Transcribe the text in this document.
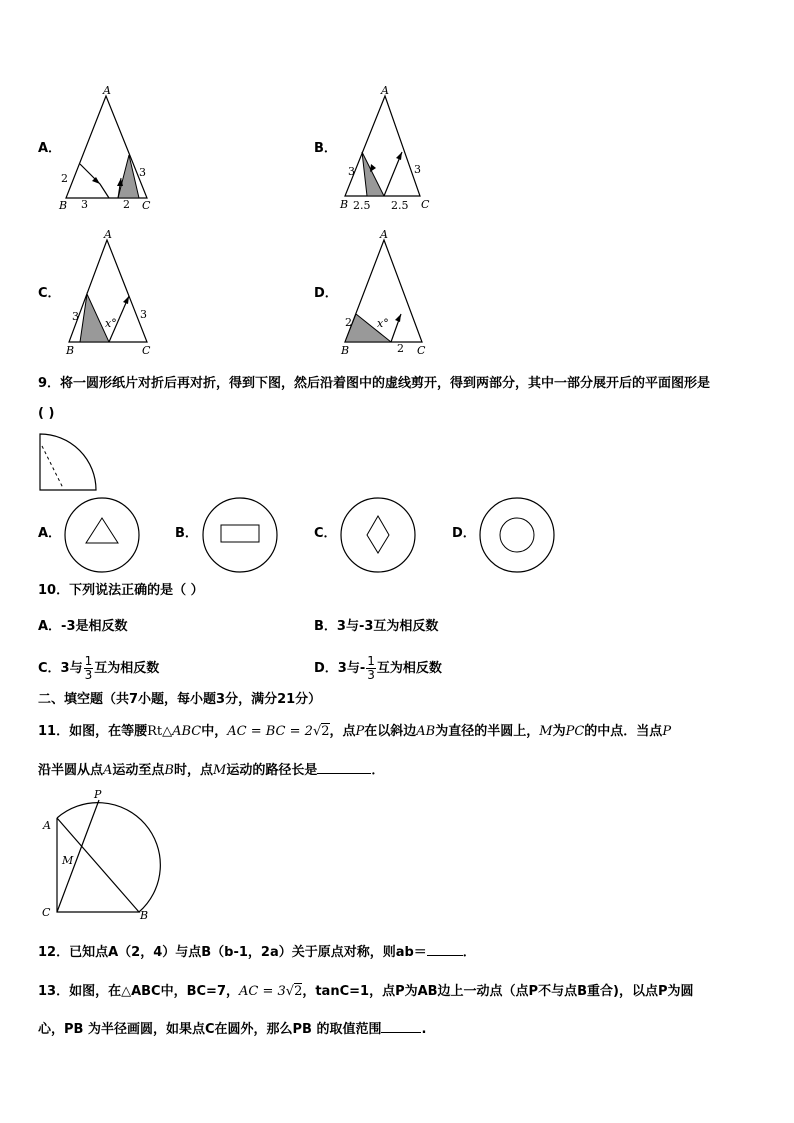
A．
A
B	C
2
3	2
3
B．
A
B	C
3
2.5 2.5
3
C．
A
B	C
3
x°
3
D．
A
B	C
2 x°
2
9．将一圆形纸片对折后再对折，得到下图，然后沿着图中的虚线剪开，得到两部分，其中一部分展开后的平面图形是
( )
A．	B．	C．	D．
10．下列说法正确的是（ ）
A．-3是相反数	B．3与-3互为相反数
C．3与 $\frac{1}{3}$ 互为相反数	D．3与- $\frac{1}{3}$ 互为相反数
二、填空题（共7小题，每小题3分，满分21分）
11．如图，在等腰Rt△ABC中，AC = BC = 2√2，点P在以斜边AB为直径的半圆上，M为PC的中点．当点P
沿半圆从点A运动至点B时，点M运动的路径长是	．
P
A
M
C	B
12．已知点A（2，4）与点B（b-1，2a）关于原点对称，则ab＝	．
13．如图，在△ABC中，BC=7，AC = 3√2，tanC=1，点P为AB边上一动点（点P不与点B重合)，以点P为圆
心，PB 为半径画圆，如果点C在圆外，那么PB 的取值范围	.
